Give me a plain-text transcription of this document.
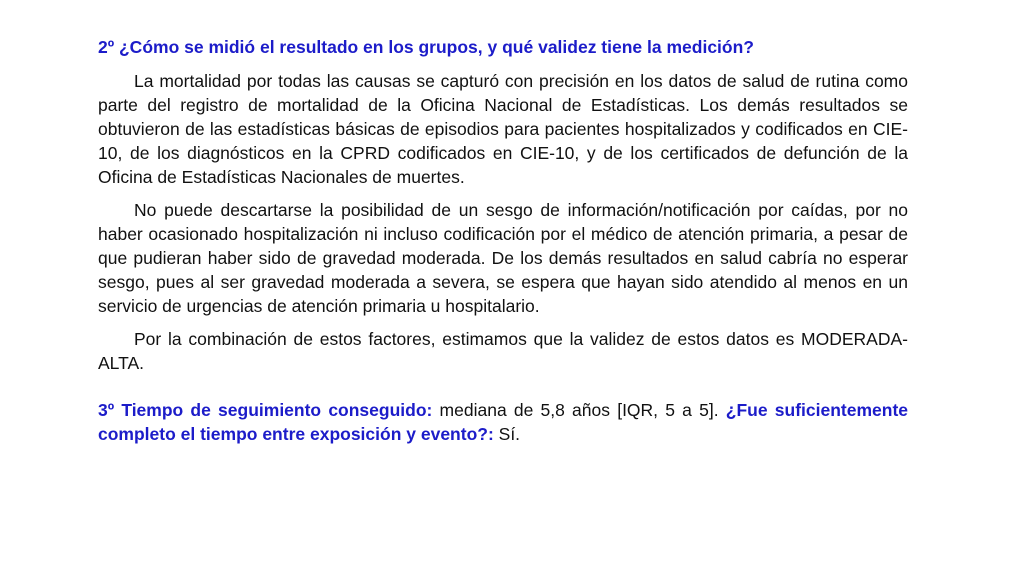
2º ¿Cómo se midió el resultado en los grupos, y qué validez tiene la medición?

La mortalidad por todas las causas se capturó con precisión en los datos de salud de rutina como parte del registro de mortalidad de la Oficina Nacional de Estadísticas. Los demás resultados se obtuvieron de las estadísticas básicas de episodios para pacientes hospitalizados y codificados en CIE-10, de los diagnósticos en la CPRD codificados en CIE-10, y de los certificados de defunción de la Oficina de Estadísticas Nacionales de muertes.

No puede descartarse la posibilidad de un sesgo de información/notificación por caídas, por no haber ocasionado hospitalización ni incluso codificación por el médico de atención primaria, a pesar de que pudieran haber sido de gravedad moderada. De los demás resultados en salud cabría no esperar sesgo, pues al ser gravedad moderada a severa, se espera que hayan sido atendido al menos en un servicio de urgencias de atención primaria u hospitalario.

Por la combinación de estos factores, estimamos que la validez de estos datos es MODERADA-ALTA.

3º Tiempo de seguimiento conseguido: mediana de 5,8 años [IQR, 5 a 5]. ¿Fue suficientemente completo el tiempo entre exposición y evento?: Sí.
